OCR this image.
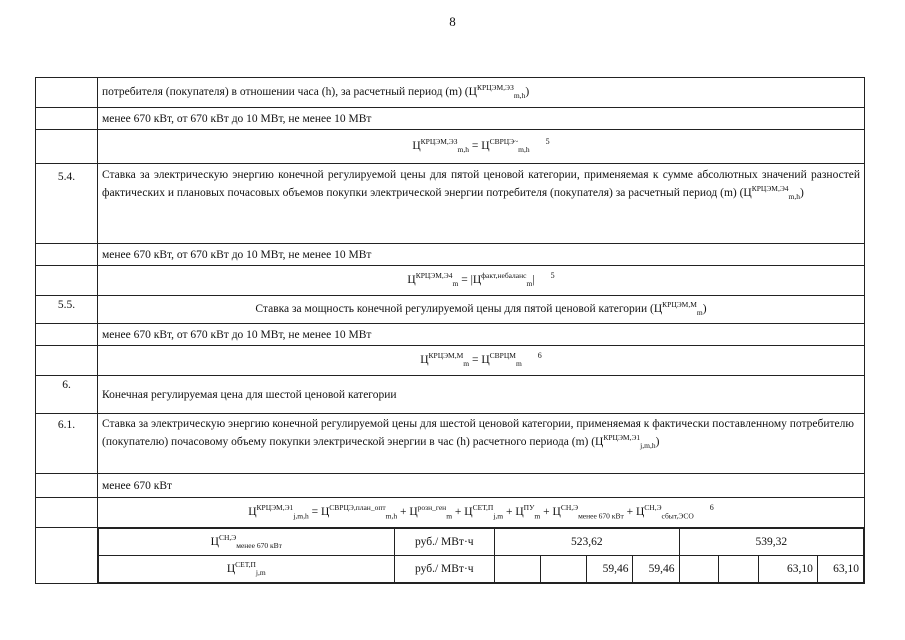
8
	потребителя (покупателя) в отношении часа (h), за расчетный период (m) $(Ц^{КРЦЭМ,ЭЗ}_{m,h})$
	менее 670 кВт, от 670 кВт до 10 МВт, не менее 10 МВт
	$Ц^{КРЦЭМ,ЭЗ}_{m,h} = Ц^{СВРЦЭ\sim}_{m,h}^5$
5.4.	Ставка за электрическую энергию конечной регулируемой цены для пятой ценовой категории, применяемая к сумме абсолютных значений разностей фактических и плановых почасовых объемов покупки электрической энергии потребителя (покупателя) за расчетный период (m) $(Ц^{КРЦЭМ,Э4}_{m,h})$
	менее 670 кВт, от 670 кВт до 10 МВт, не менее 10 МВт
	$Ц^{КРЦЭМ,Э4}_m = |Ц^{факт,небаланс}_m|$ $^5$
5.5.	Ставка за мощность конечной регулируемой цены для пятой ценовой категории $(Ц^{КРЦЭМ,М}_m)$
	менее 670 кВт, от 670 кВт до 10 МВт, не менее 10 МВт
	$Ц^{КРЦЭМ,М}_m = Ц^{СВРЦМ}_m^6$
6.	Конечная регулируемая цена для шестой ценовой категории
6.1.	Ставка за электрическую энергию конечной регулируемой цены для шестой ценовой категории, применяемая к фактически поставленному потребителю (покупателю) почасовому объему покупки электрической энергии в час (h) расчетного периода (m) $(Ц^{КРЦЭМ,Э1}_{j,m,h})$
	менее 670 кВт
	$Ц^{КРЦЭМ,Э1}_{j,m,h} = Ц^{СВРЦЭ,план\_опт}_{m,h} + Ц^{розн\_ген}_m + Ц^{СЕТ,П}_{j,m} + Ц^{ПУ}_m + Ц^{СН,Э}_{менее 670 кВт} + Ц^{СН,Э}_{сбыт,ЭСО}^6$

$Ц^{СН,Э}_{менее 670 кВт}$	руб./ МВт·ч	523,62	539,32
$Ц^{СЕТ,П}_{j,m}$	руб./ МВт·ч			59,46	59,46			63,10	63,10
